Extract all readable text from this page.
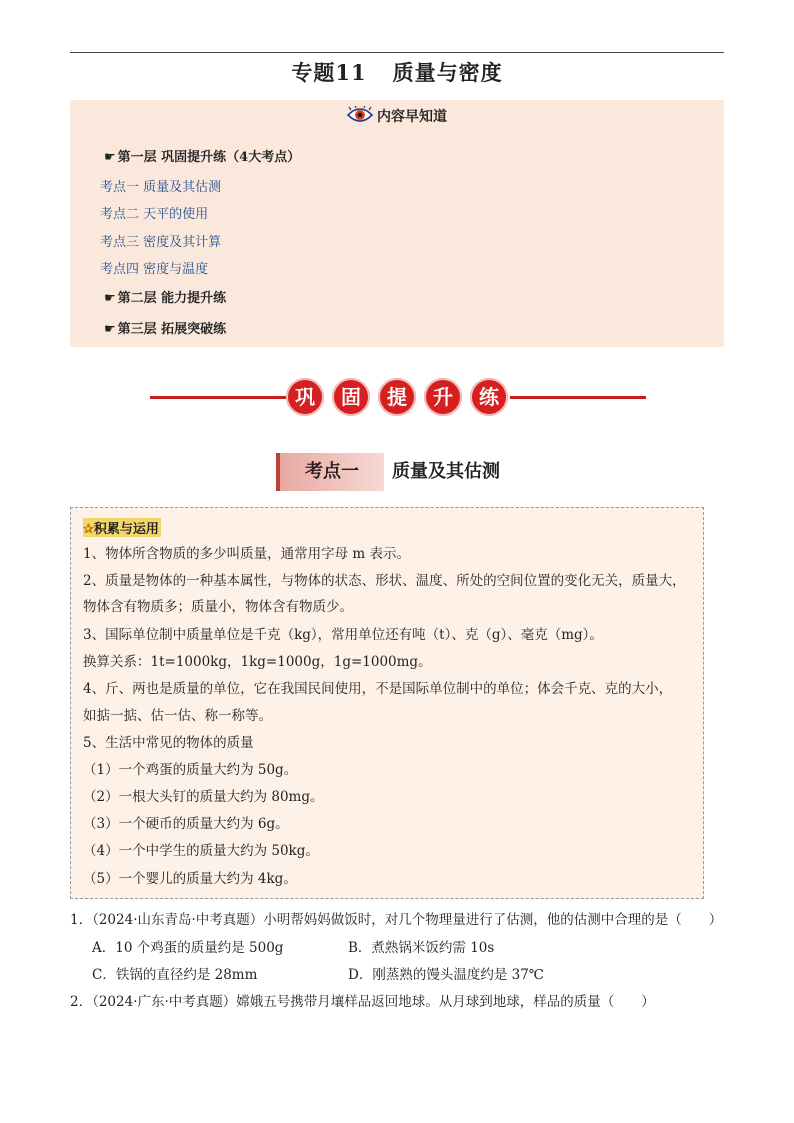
专题11 质量与密度
内容早知道
☛ 第一层 巩固提升练（4大考点）
考点一 质量及其估测
考点二 天平的使用
考点三 密度及其计算
考点四 密度与温度
☛ 第二层 能力提升练
☛ 第三层 拓展突破练
巩	固	提	升	练
考点一	质量及其估测
✰积累与运用
1、物体所含物质的多少叫质量，通常用字母 m 表示。
2、质量是物体的一种基本属性，与物体的状态、形状、温度、所处的空间位置的变化无关，质量大，
物体含有物质多；质量小，物体含有物质少。
3、国际单位制中质量单位是千克（kg），常用单位还有吨（t）、克（g）、毫克（mg）。
换算关系：1t=1000kg，1kg=1000g，1g=1000mg。
4、斤、两也是质量的单位，它在我国民间使用，不是国际单位制中的单位；体会千克、克的大小，
如掂一掂、估一估、称一称等。
5、生活中常见的物体的质量
（1）一个鸡蛋的质量大约为 50g。
（2）一根大头钉的质量大约为 80mg。
（3）一个硬币的质量大约为 6g。
（4）一个中学生的质量大约为 50kg。
（5）一个婴儿的质量大约为 4kg。
1．（2024·山东青岛·中考真题）小明帮妈妈做饭时，对几个物理量进行了估测，他的估测中合理的是（　　）
A．10 个鸡蛋的质量约是 500g	B．煮熟锅米饭约需 10s
C．铁锅的直径约是 28mm	D．刚蒸熟的馒头温度约是 37℃
2．（2024·广东·中考真题）嫦娥五号携带月壤样品返回地球。从月球到地球，样品的质量（　　）
